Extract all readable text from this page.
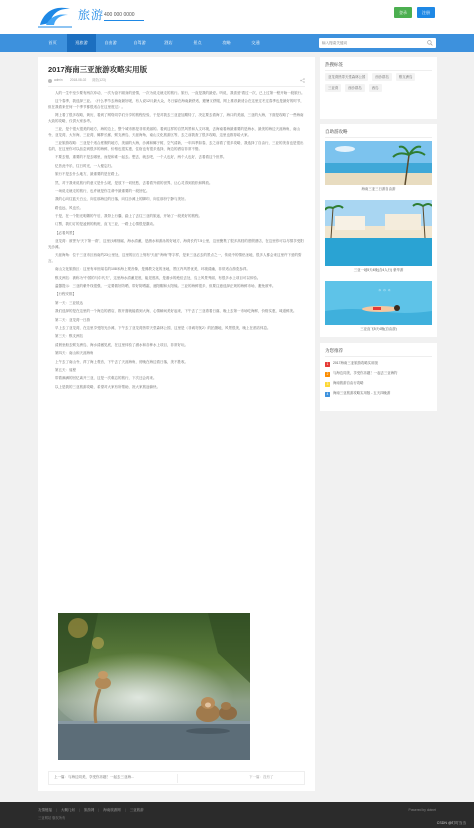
旅游 400 000 0000	登录	注册
首页	逛旅游	自由游	自驾游	酒店	景点	攻略	交通
输入搜索关键词
2017海南三亚旅游攻略实用版
admin 2018-08-02 浏览(123)

人的一生中至少要有两次冲动，一次为奋不顾身的爱情，一次为说走就走的旅行。旅行，一直是我的最爱。听说，我喜爱“看过一次，已上过第一程开始一段旅行。

这个春季，我选择三亚。（什么季节去海南最好呢，有人说12月最大众，冬日躲在海南最舒适，避暑又舒服，网上推荐最适合在这里过冬过春季也是最好的时节，但在我看来任何一个季节都很适合在这里度过）。

网上看了很多攻略，黄历，看到了网络同学们分享的旅程经验，于是对我去三亚更加期待了，决定要去看海了，海口的美丽，三亚的大海，下面是攻略了一些海南大致的攻略，仅供大家参考。

三亚，是个很大很美的地方，海的边上，整个城市都是非常美丽的。看到这样的自然风景和人文环境，去海南看海最重要的是海水，最美的海边天涯海角，南山寺，亚龙湾，大东海，三亚湾，椰梦长廊，蜈支洲岛，天涯海角，南山文化旅游区等，去之前我查了很多攻略，这里也推荐给大家。

三亚旅游攻略：三亚是个适合度假的地方，美丽的大海，沙滩和椰子树，空气清新，一年四季如春，去之前看了很多攻略，我选择了自由行，三亚的美食也是很出名的，在这里你可以品尝到很多的海鲜，价格也很实惠，住宿也有很多选择，海边的酒店非常不错。

不要去错，重要的不是去哪里，而是和谁一起去。想去，就去吧，一个人也好，两个人也好，去看看这个世界。

忆昔此中乐，往日时光，一入便忘归。

旅行不是去什么地方，最重要的是在路上。

然，对于我来说旅行的意义是什么呢，是放下一切忧愁，去看看外面的世界，让心灵得到放松和释放。

一场说走就走的旅行，也许就是你生命中最重要的一段回忆。

我的心向往蓝天白云，向往那海边的日落，向往沙滩上的脚印，向往那份宁静与美好。

路也远，风也长。

于是，在一个阳光明媚的午后，我背上行囊，踏上了去往三亚的旅途，开始了一段美好的旅程。

订票，我们订的是凌晨的航班，直飞三亚，一路上心情很是激动。

【必看风景】

亚龙湾：被誉为“天下第一湾”，这里沙滩细腻，海水清澈，是潜水和游泳的好地方，海湾长约7.5公里，这里聚集了很多高档的度假酒店，在这里你可以尽情享受阳光沙滩。

天涯海角：位于三亚市区西南约23公里处，这里的巨石上刻有“天涯”“海角”等字样，是来三亚必去的景点之一，传说中的情侣圣地，很多人都会来这里许下爱的誓言。

南山文化旅游区：这里有举世闻名的108米海上观音像，是佛教文化的圣地，景区内风景优美，环境清幽，非常适合游览参拜。

蜈支洲岛：被称为“中国的马尔代夫”，这里海水清澈见底，能见度高，是潜水的绝佳去处，岛上风景秀丽，有很多水上项目可以体验。

温馨提示：三亚的紫外线很强，一定要做好防晒，带好防晒霜，遮阳帽和太阳镜。三亚的海鲜很多，但要注意选择正规的海鲜市场，避免被宰。

【行程安排】

第一天：三亚抵达

我们选择的是在这里的一个海边的酒店，推开窗就能看到大海，心情瞬间美好起来，下午去了三亚湾看日落，晚上去第一市场吃海鲜，价格实惠，味道鲜美。

第二天：亚龙湾一日游

早上去了亚龙湾，在这里享受阳光沙滩，下午去了亚龙湾热带天堂森林公园，这里是《非诚勿扰2》的拍摄地，风景很美，晚上在酒店休息。

第三天：蜈支洲岛

清晨坐船去蜈支洲岛，海水清澈见底，在这里体验了潜水和各种水上项目，非常好玩。

第四天：南山和天涯海角

上午去了南山寺，拜了海上观音，下午去了天涯海角，傍晚在海边看日落，美不胜收。

第五天：返程

带着满满的回忆离开三亚，这是一次难忘的旅行，下次还会再来。

以上是我的三亚旅游攻略，希望对大家有所帮助，祝大家旅途愉快。

上一篇：与海边同美，享受你乐趣！一起去三亚海...	下一篇：没有了
热搜标签
亚龙湾热带天堂森林公园	西沙群岛	蜈支洲岛
三亚湾	西沙群岛	西岛
自助游攻略
海南三亚三日游自由游
三亚一地5天4晚(含4人行) 豪华游
☼ ☼ ☼
三亚直飞5天4晚(自由游)
为您推荐
1	2017海南三亚旅游攻略实用版
2	与海边同美，享受你乐趣！一起去三亚海钓
3	海南旅游自由行攻略
4	海南三亚旅游攻略实用版 - 五天四晚游
友情链接 | 大概几何 | 旅游网 | 海南旅游网 | 三亚旅游
三亚网站 版权所有
Powered by dotnet
CSDN @叮叮当当
